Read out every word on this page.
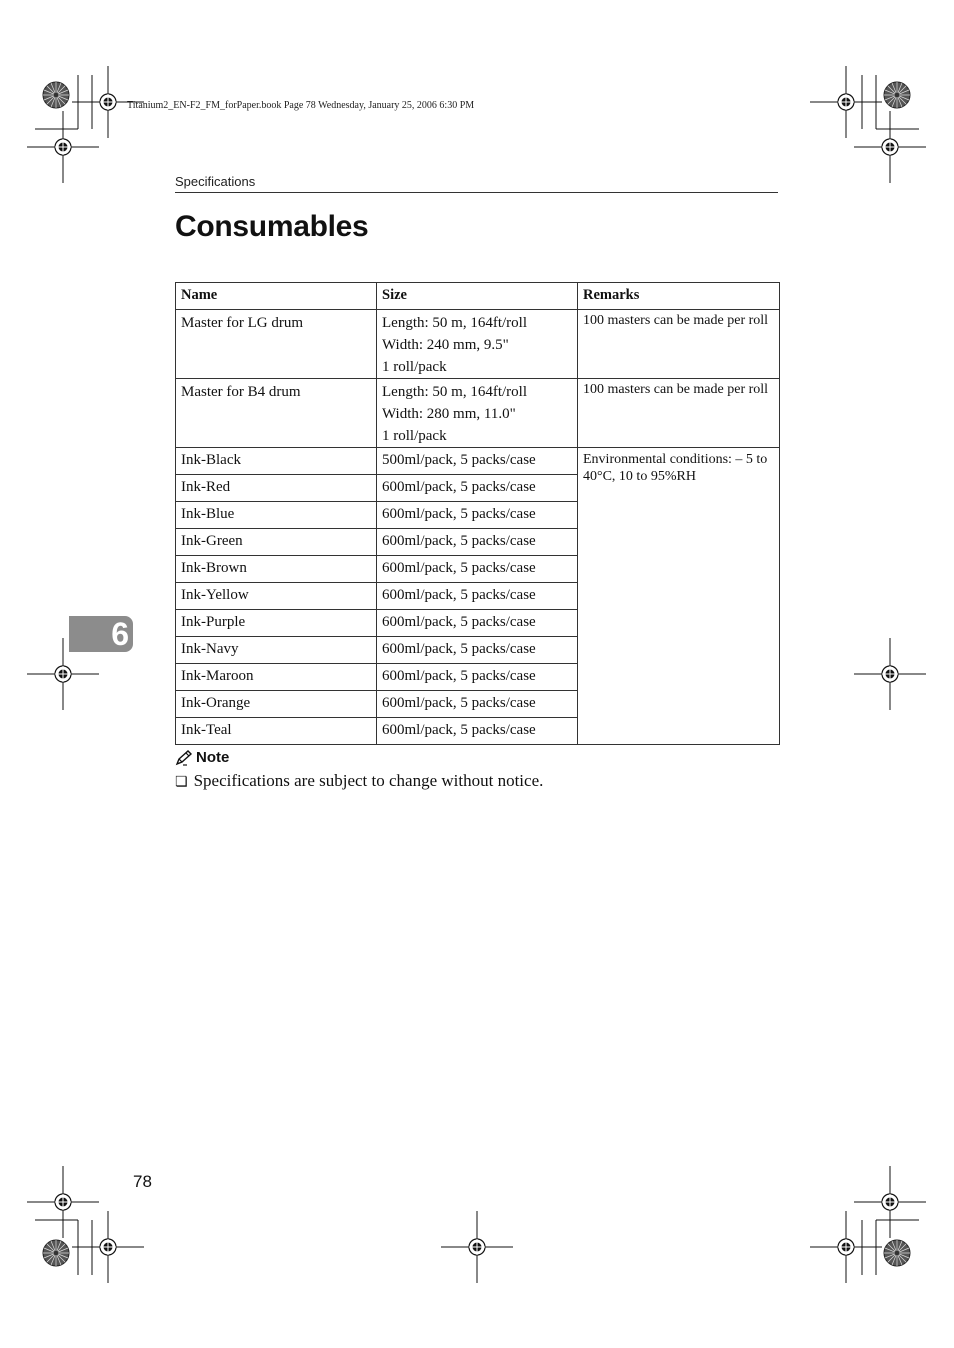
Titanium2_EN-F2_FM_forPaper.book Page 78 Wednesday, January 25, 2006 6:30 PM
Specifications
Consumables
Name	Size	Remarks
Master for LG drum	Length: 50 m, 164ft/roll
Width: 240 mm, 9.5"
1 roll/pack	100 masters can be made per roll
Master for B4 drum	Length: 50 m, 164ft/roll
Width: 280 mm, 11.0"
1 roll/pack	100 masters can be made per roll
Ink-Black	500ml/pack, 5 packs/case	Environmental conditions: – 5 to 40°C, 10 to 95%RH
Ink-Red	600ml/pack, 5 packs/case	
Ink-Blue	600ml/pack, 5 packs/case	
Ink-Green	600ml/pack, 5 packs/case	
Ink-Brown	600ml/pack, 5 packs/case	
Ink-Yellow	600ml/pack, 5 packs/case	
Ink-Purple	600ml/pack, 5 packs/case	
Ink-Navy	600ml/pack, 5 packs/case	
Ink-Maroon	600ml/pack, 5 packs/case	
Ink-Orange	600ml/pack, 5 packs/case	
Ink-Teal	600ml/pack, 5 packs/case	
6
Note
❏ Specifications are subject to change without notice.
78
